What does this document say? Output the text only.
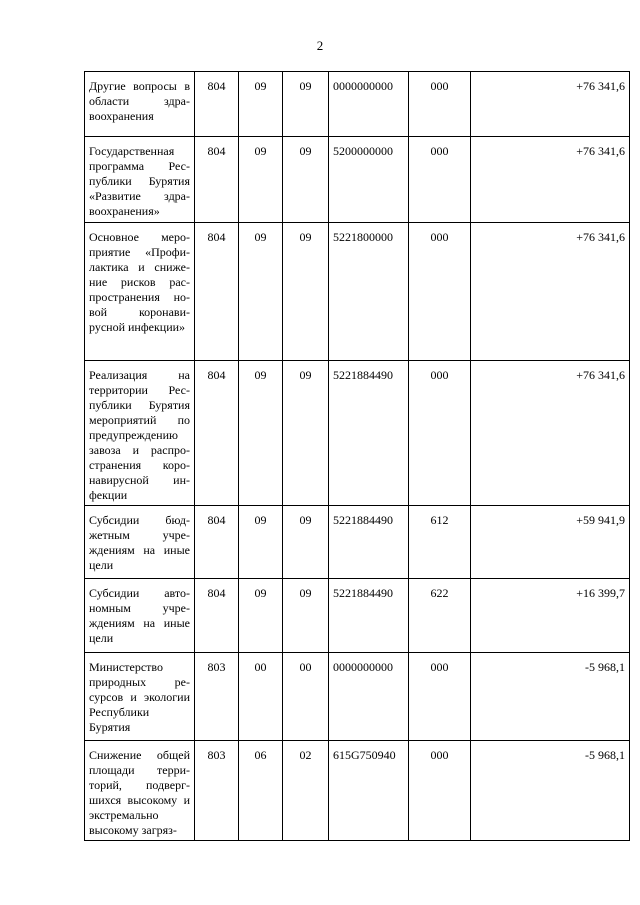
2
Другие вопросы в области здравоохранения	804	09	09	0000000000	000	+76 341,6
Государственная программа Республики Бурятия «Развитие здравоохранения»	804	09	09	5200000000	000	+76 341,6
Основное мероприятие «Профилактика и снижение рисков распространения новой коронавирусной инфекции»	804	09	09	5221800000	000	+76 341,6
Реализация на территории Республики Бурятия мероприятий по предупреждению завоза и распространения коронавирусной инфекции	804	09	09	5221884490	000	+76 341,6
Субсидии бюджетным учреждениям на иные цели	804	09	09	5221884490	612	+59 941,9
Субсидии автономным учреждениям на иные цели	804	09	09	5221884490	622	+16 399,7
Министерство природных ресурсов и экологии Республики Бурятия	803	00	00	0000000000	000	-5 968,1
Снижение общей площади территорий, подвергшихся высокому и экстремально высокому загряз-	803	06	02	615G750940	000	-5 968,1
